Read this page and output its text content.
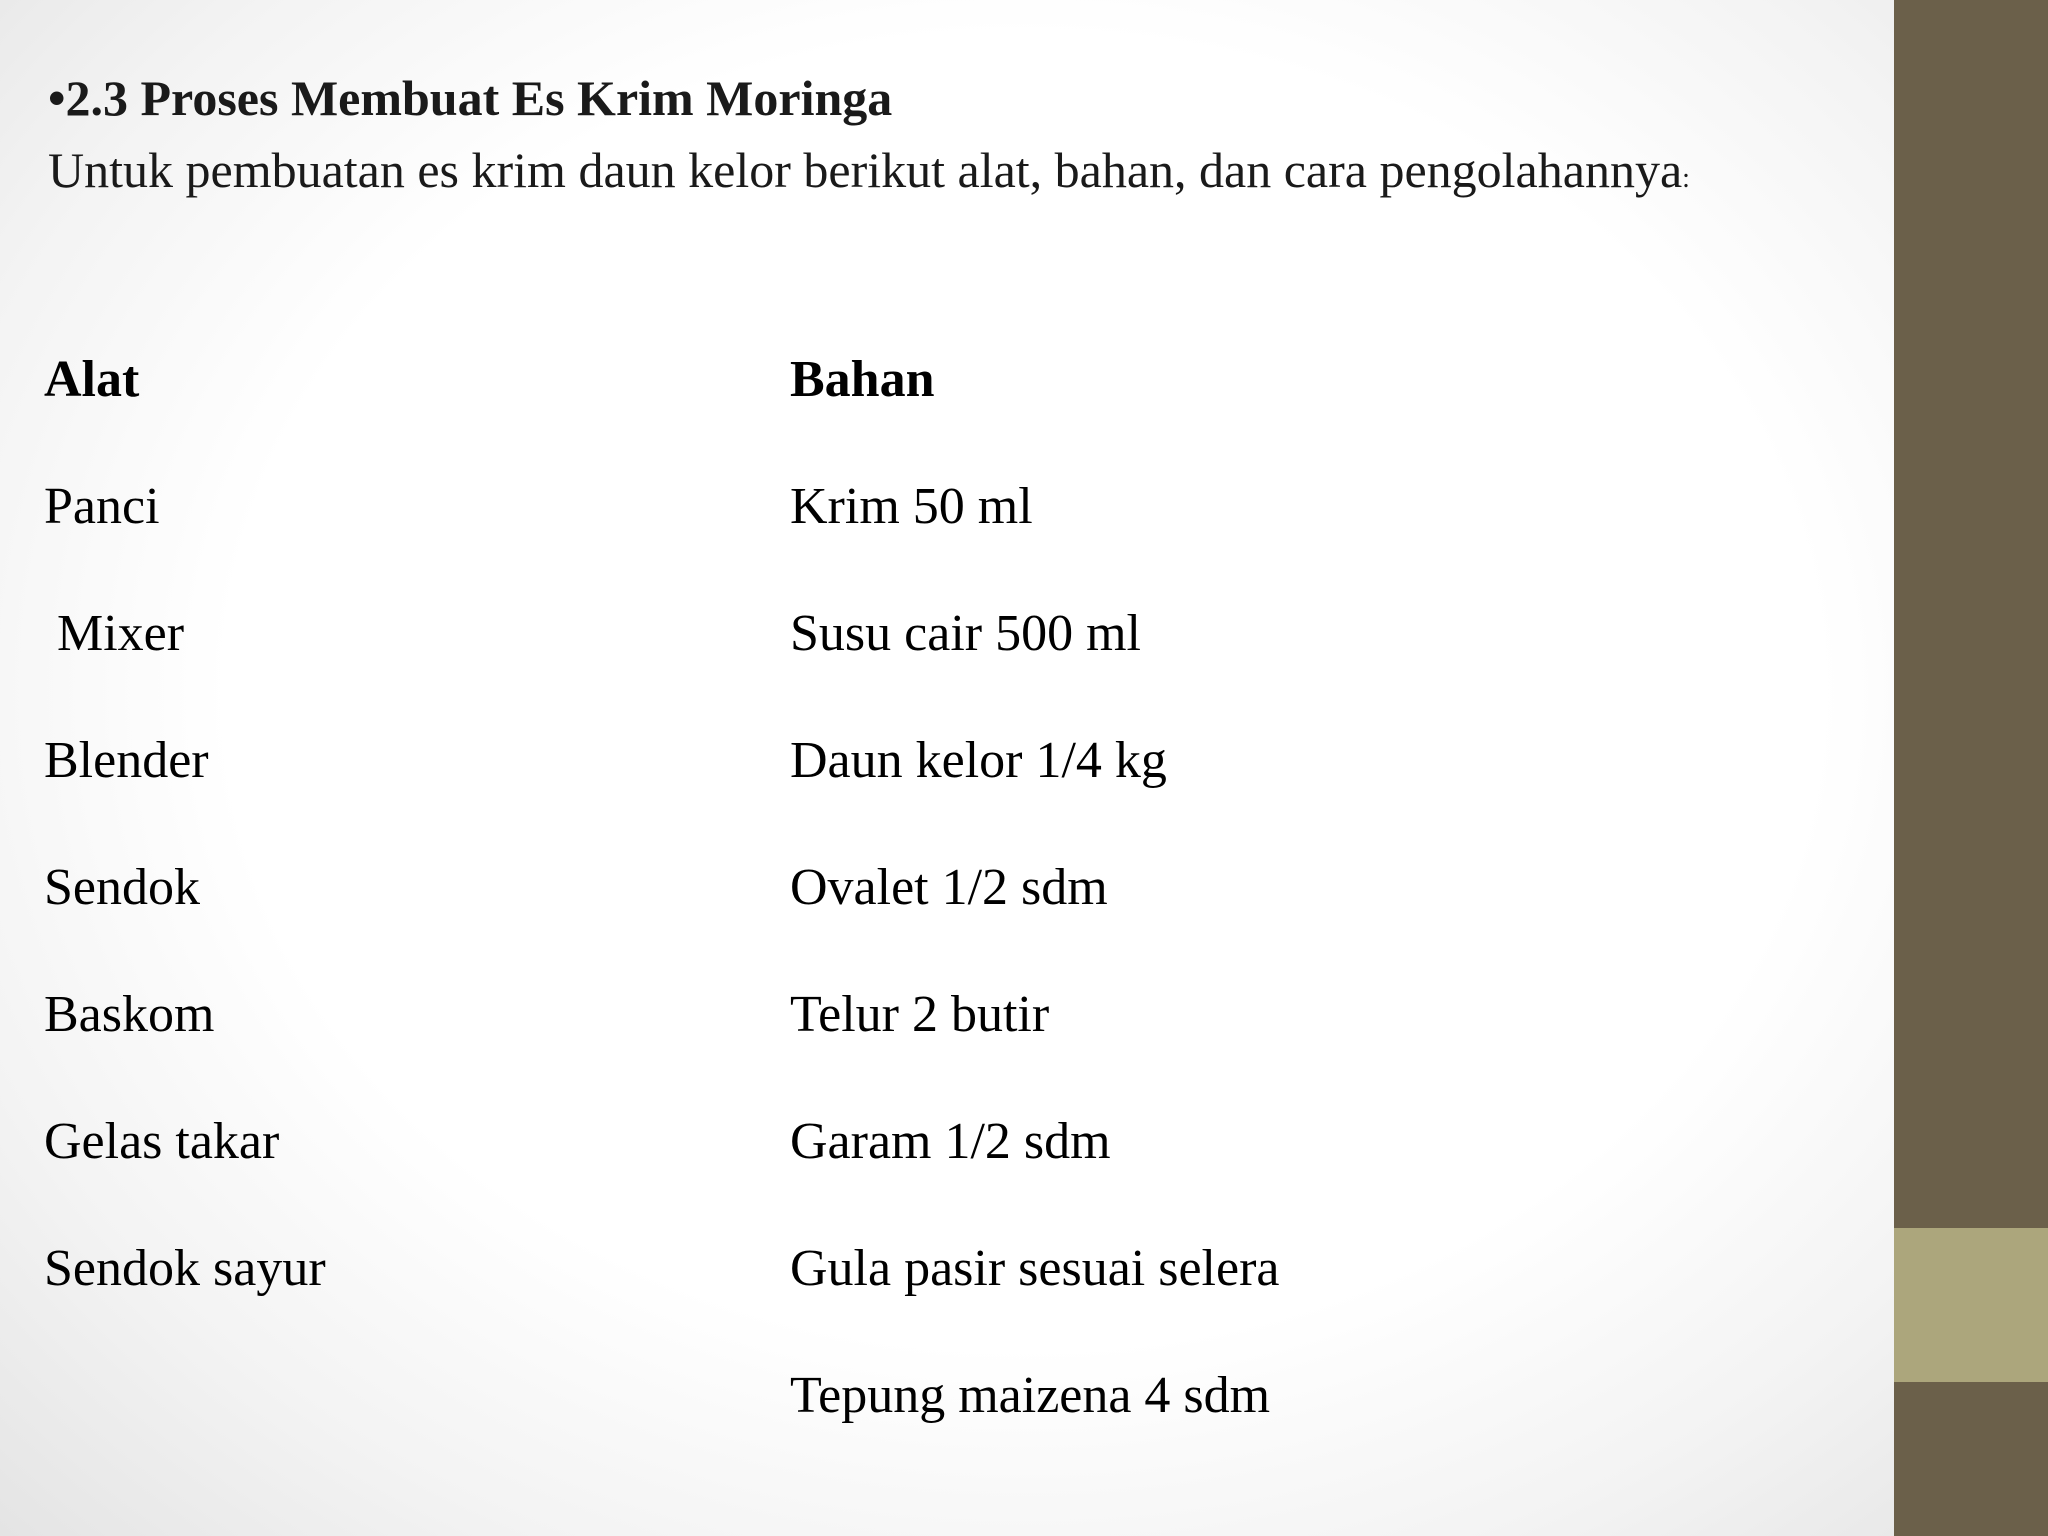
•2.3 Proses Membuat Es Krim Moringa
Untuk pembuatan es krim daun kelor berikut alat, bahan, dan cara pengolahannya:
Alat
Panci
Mixer
Blender
Sendok
Baskom
Gelas takar
Sendok sayur
Bahan
Krim 50 ml
Susu cair 500 ml
Daun kelor 1/4 kg
Ovalet 1/2 sdm
Telur 2 butir
Garam 1/2 sdm
Gula pasir sesuai selera
Tepung maizena 4 sdm
